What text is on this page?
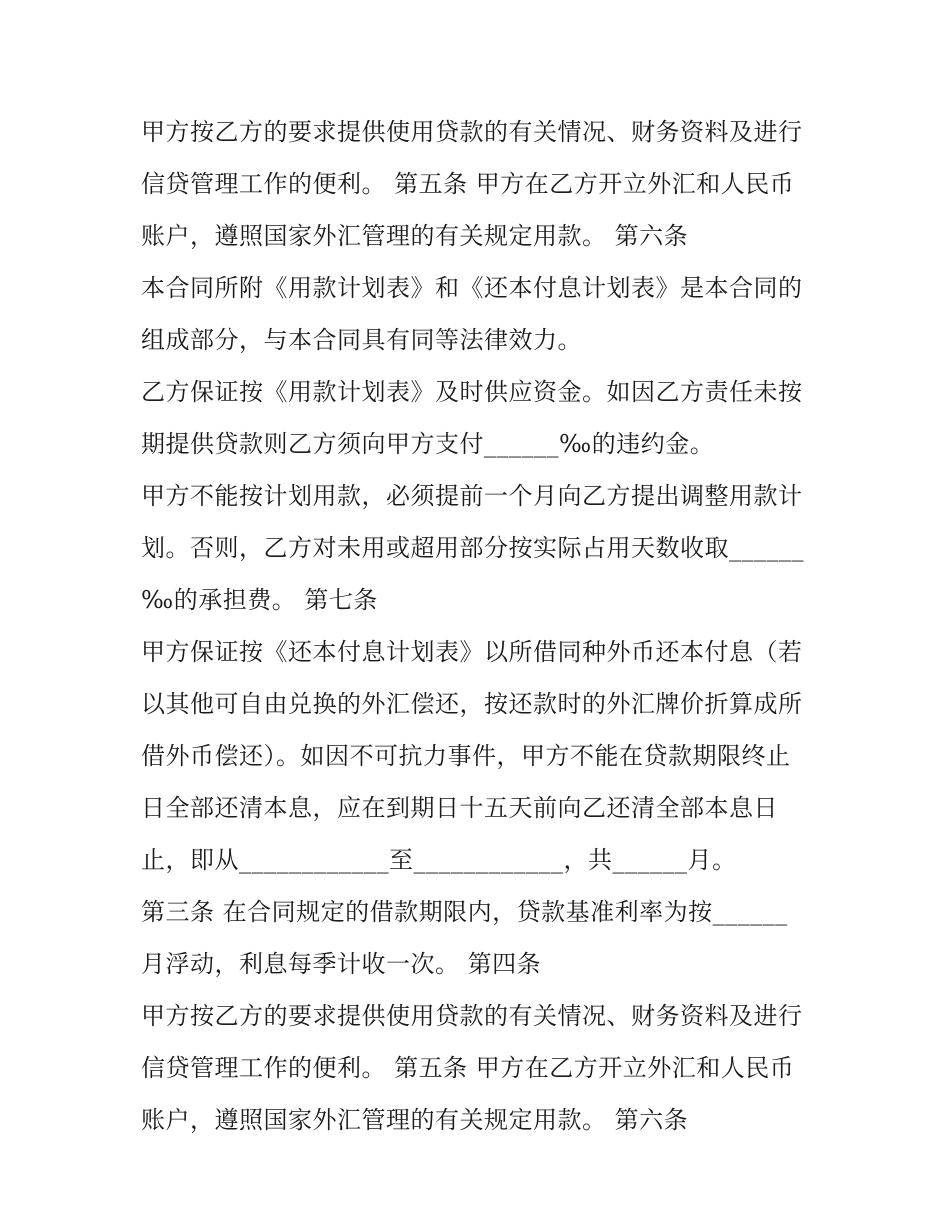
甲方按乙方的要求提供使用贷款的有关情况、财务资料及进行
信贷管理工作的便利。 第五条 甲方在乙方开立外汇和人民币
账户，遵照国家外汇管理的有关规定用款。 第六条
本合同所附《用款计划表》和《还本付息计划表》是本合同的
组成部分，与本合同具有同等法律效力。
乙方保证按《用款计划表》及时供应资金。如因乙方责任未按
期提供贷款则乙方须向甲方支付______‰的违约金。
甲方不能按计划用款，必须提前一个月向乙方提出调整用款计
划。否则，乙方对未用或超用部分按实际占用天数收取______
‰的承担费。 第七条
甲方保证按《还本付息计划表》以所借同种外币还本付息（若
以其他可自由兑换的外汇偿还，按还款时的外汇牌价折算成所
借外币偿还）。如因不可抗力事件，甲方不能在贷款期限终止
日全部还清本息，应在到期日十五天前向乙还清全部本息日
止，即从____________至____________，共______月。
第三条 在合同规定的借款期限内，贷款基准利率为按______
月浮动，利息每季计收一次。 第四条
甲方按乙方的要求提供使用贷款的有关情况、财务资料及进行
信贷管理工作的便利。 第五条 甲方在乙方开立外汇和人民币
账户，遵照国家外汇管理的有关规定用款。 第六条
